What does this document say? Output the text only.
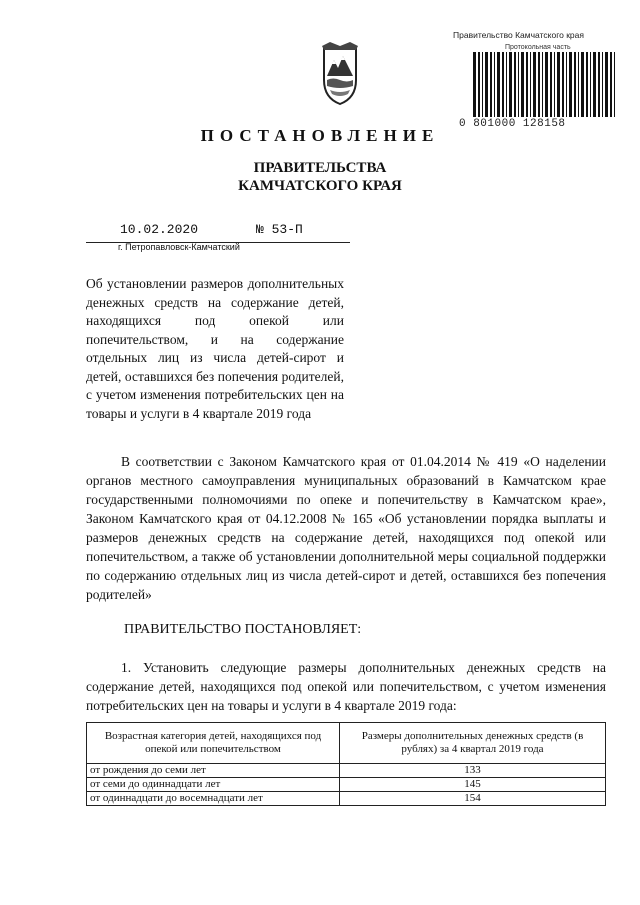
Правительство Камчатского края
Протокольная часть
0 801000 128158
ПОСТАНОВЛЕНИЕ
ПРАВИТЕЛЬСТВА
КАМЧАТСКОГО КРАЯ
10.02.2020	№ 53-П
г. Петропавловск-Камчатский
Об установлении размеров дополнительных денежных средств на содержание детей, находящихся под опекой или попечительством, и на содержание отдельных лиц из числа детей-сирот и детей, оставшихся без попечения родителей, с учетом изменения потребительских цен на товары и услуги в 4 квартале 2019 года
В соответствии с Законом Камчатского края от 01.04.2014 № 419 «О наделении органов местного самоуправления муниципальных образований в Камчатском крае государственными полномочиями по опеке и попечительству в Камчатском крае», Законом Камчатского края от 04.12.2008 № 165 «Об установлении порядка выплаты и размеров денежных средств на содержание детей, находящихся под опекой или попечительством, а также об установлении дополнительной меры социальной поддержки по содержанию отдельных лиц из числа детей-сирот и детей, оставшихся без попечения родителей»
ПРАВИТЕЛЬСТВО ПОСТАНОВЛЯЕТ:
1. Установить следующие размеры дополнительных денежных средств на содержание детей, находящихся под опекой или попечительством, с учетом изменения потребительских цен на товары и услуги в 4 квартале 2019 года:
Возрастная категория детей, находящихся под опекой или попечительством	Размеры дополнительных денежных средств (в рублях) за 4 квартал 2019 года
от рождения до семи лет	133
от семи до одиннадцати лет	145
от одиннадцати до восемнадцати лет	154
